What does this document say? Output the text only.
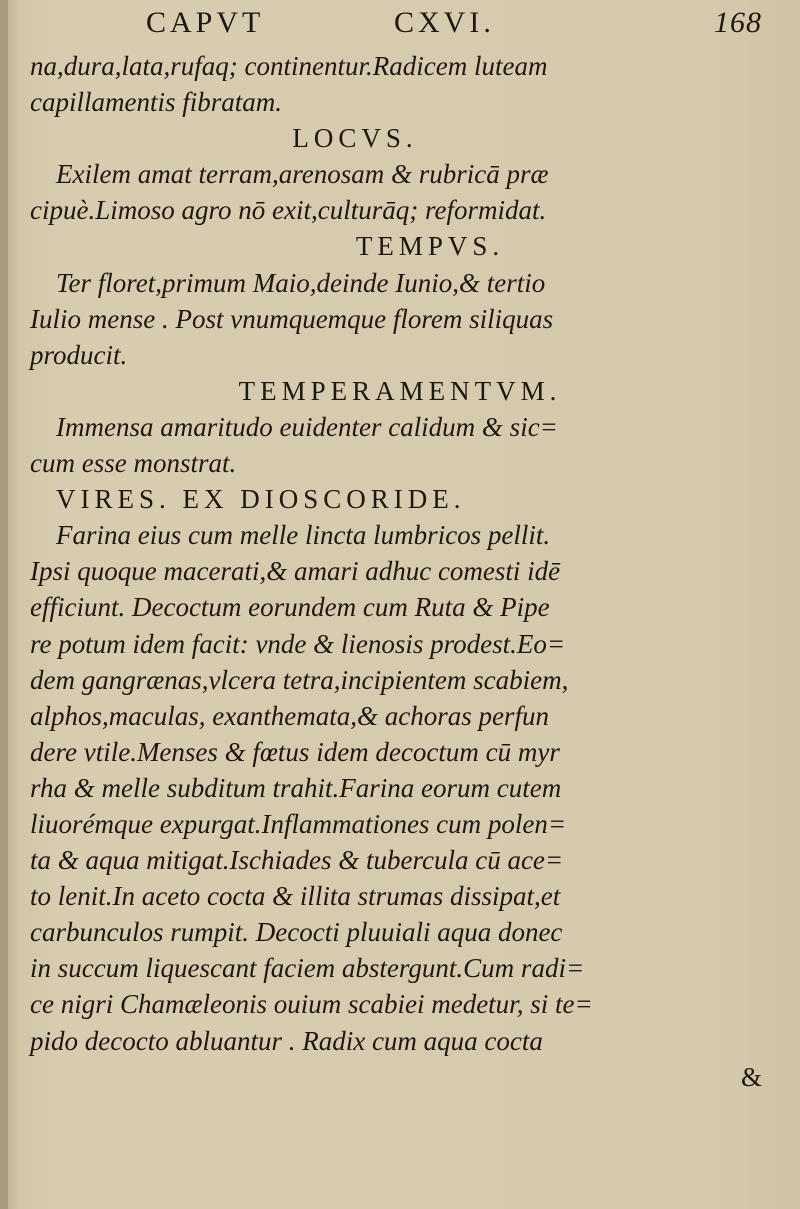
CAPVT	CXVI.	168
na,dura,lata,rufaq; continentur.Radicem luteam
capillamentis fibratam.
LOCVS.
Exilem amat terram,arenosam & rubricā præ
cipuè.Limoso agro nō exit,culturāq; reformidat.
TEMPVS.
Ter floret,primum Maio,deinde Iunio,& tertio
Iulio mense . Post vnumquemque florem siliquas
producit.
TEMPERAMENTVM.
Immensa amaritudo euidenter calidum & sic=
cum esse monstrat.
VIRES. EX DIOSCORIDE.
Farina eius cum melle lincta lumbricos pellit.
Ipsi quoque macerati,& amari adhuc comesti idē
efficiunt. Decoctum eorundem cum Ruta & Pipe
re potum idem facit: vnde & lienosis prodest.Eo=
dem gangrænas,vlcera tetra,incipientem scabiem,
alphos,maculas, exanthemata,& achoras perfun
dere vtile.Menses & fœtus idem decoctum cū myr
rha & melle subditum trahit.Farina eorum cutem
liuorémque expurgat.Inflammationes cum polen=
ta & aqua mitigat.Ischiades & tubercula cū ace=
to lenit.In aceto cocta & illita strumas dissipat,et
carbunculos rumpit. Decocti pluuiali aqua donec
in succum liquescant faciem abstergunt.Cum radi=
ce nigri Chamæleonis ouium scabiei medetur, si te=
pido decocto abluantur . Radix cum aqua cocta
&
